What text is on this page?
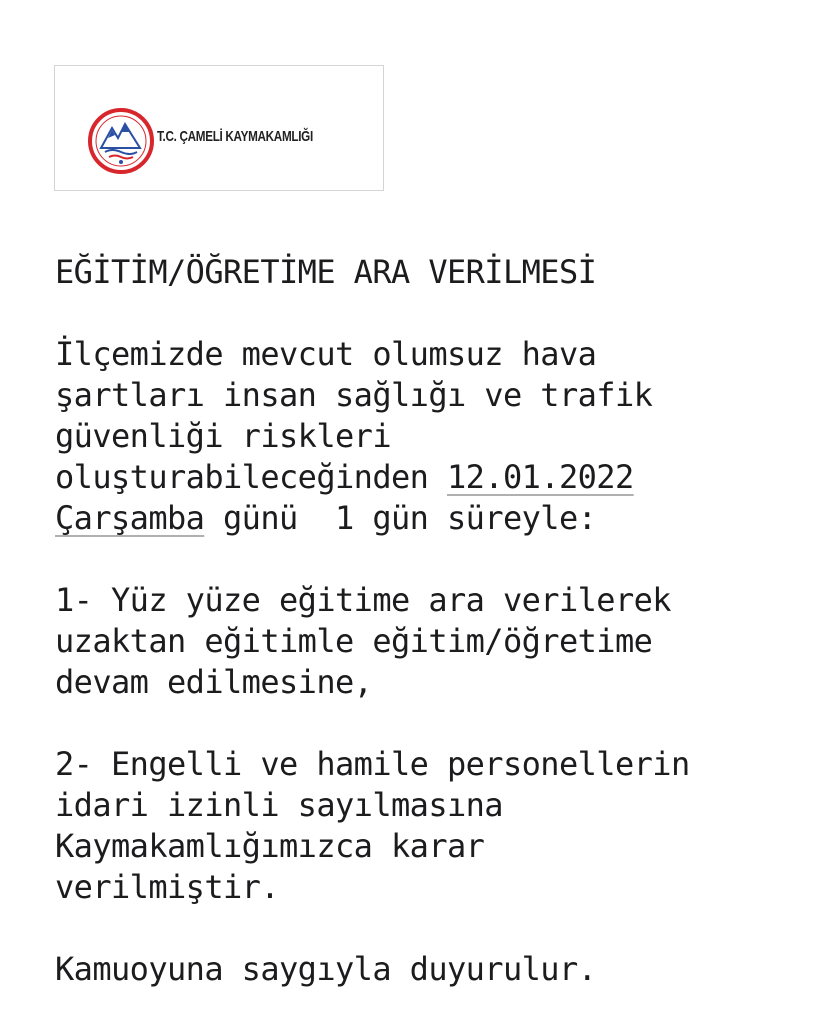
T.C. ÇAMELİ KAYMAKAMLIĞI

EĞİTİM/ÖĞRETİME ARA VERİLMESİ

İlçemizde mevcut olumsuz hava

şartları insan sağlığı ve trafik

güvenliği riskleri

oluşturabileceğinden 12.01.2022

Çarşamba günü  1 gün süreyle:

1- Yüz yüze eğitime ara verilerek

uzaktan eğitimle eğitim/öğretime

devam edilmesine,

2- Engelli ve hamile personellerin

idari izinli sayılmasına

Kaymakamlığımızca karar

verilmiştir.

Kamuoyuna saygıyla duyurulur.
